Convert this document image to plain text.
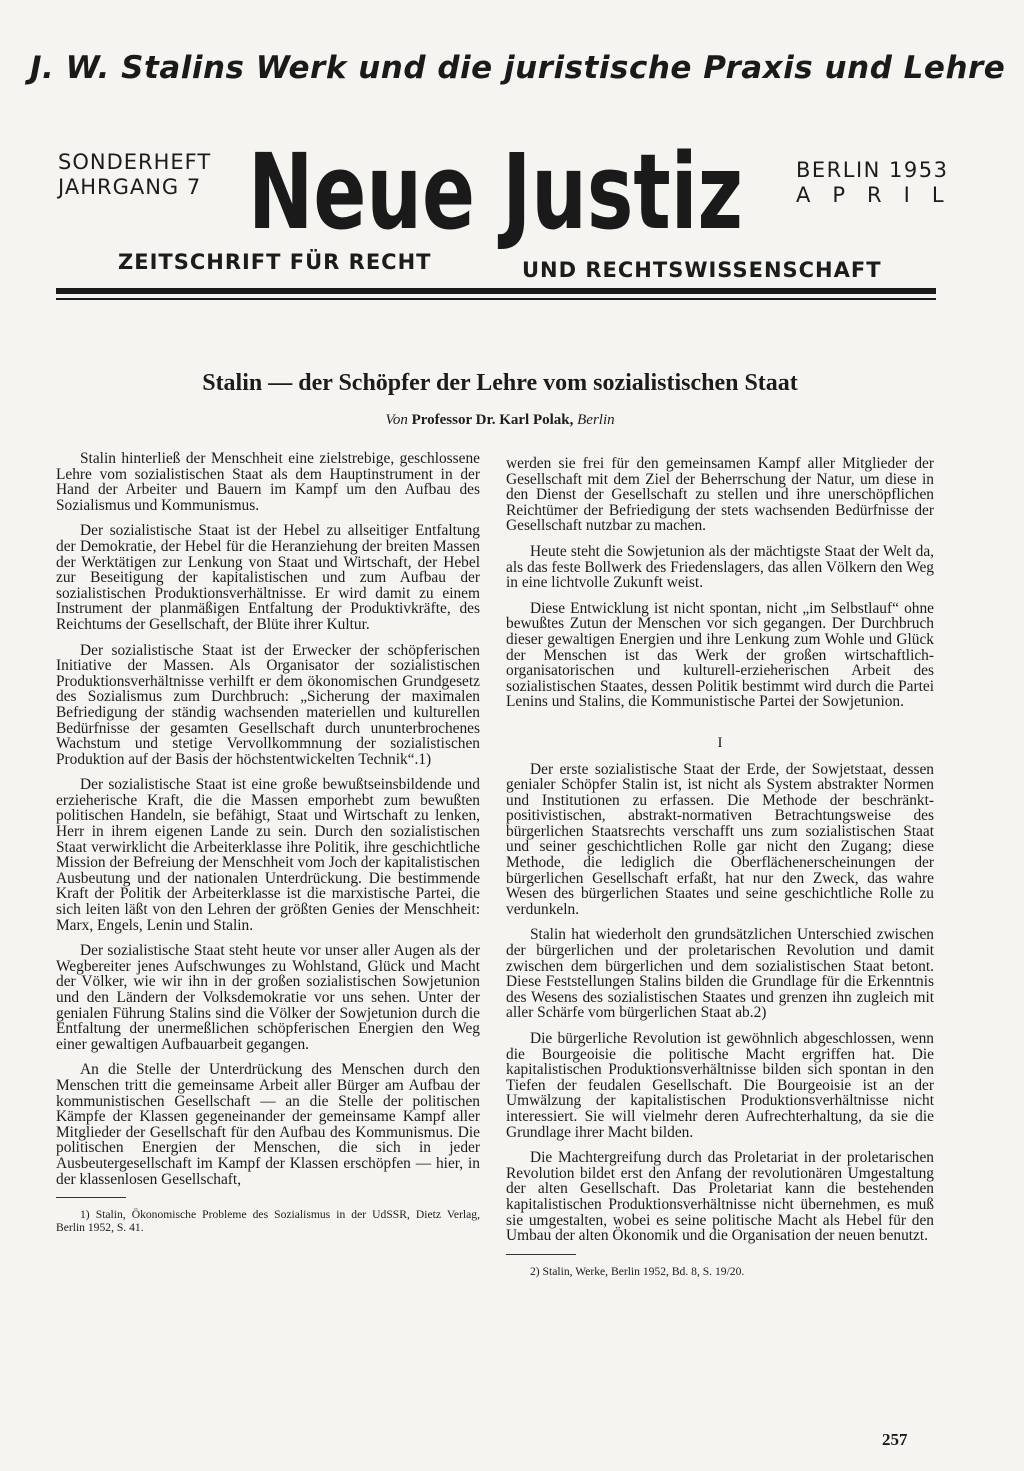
J. W. Stalins Werk und die juristische Praxis und Lehre
SONDERHEFT
JAHRGANG 7 Neue Justiz	BERLIN 1953
APRIL
ZEITSCHRIFT FÜR RECHT	UND RECHTSWISSENSCHAFT
Stalin — der Schöpfer der Lehre vom sozialistischen Staat
Von Professor Dr. Karl Polak, Berlin

Stalin hinterließ der Menschheit eine zielstrebige, geschlossene Lehre vom sozialistischen Staat als dem Hauptinstrument in der Hand der Arbeiter und Bauern im Kampf um den Aufbau des Sozialismus und Kommunismus.

Der sozialistische Staat ist der Hebel zu allseitiger Entfaltung der Demokratie, der Hebel für die Heranziehung der breiten Massen der Werktätigen zur Lenkung von Staat und Wirtschaft, der Hebel zur Beseitigung der kapitalistischen und zum Aufbau der sozialistischen Produktionsverhältnisse. Er wird damit zu einem Instrument der planmäßigen Entfaltung der Produktivkräfte, des Reichtums der Gesellschaft, der Blüte ihrer Kultur.

Der sozialistische Staat ist der Erwecker der schöpferischen Initiative der Massen. Als Organisator der sozialistischen Produktionsverhältnisse verhilft er dem ökonomischen Grundgesetz des Sozialismus zum Durchbruch: „Sicherung der maximalen Befriedigung der ständig wachsenden materiellen und kulturellen Bedürfnisse der gesamten Gesellschaft durch ununterbrochenes Wachstum und stetige Vervollkommnung der sozialistischen Produktion auf der Basis der höchstentwickelten Technik“.1)

Der sozialistische Staat ist eine große bewußtseinsbildende und erzieherische Kraft, die die Massen emporhebt zum bewußten politischen Handeln, sie befähigt, Staat und Wirtschaft zu lenken, Herr in ihrem eigenen Lande zu sein. Durch den sozialistischen Staat verwirklicht die Arbeiterklasse ihre Politik, ihre geschichtliche Mission der Befreiung der Menschheit vom Joch der kapitalistischen Ausbeutung und der nationalen Unterdrückung. Die bestimmende Kraft der Politik der Arbeiterklasse ist die marxistische Partei, die sich leiten läßt von den Lehren der größten Genies der Menschheit: Marx, Engels, Lenin und Stalin.

Der sozialistische Staat steht heute vor unser aller Augen als der Wegbereiter jenes Aufschwunges zu Wohlstand, Glück und Macht der Völker, wie wir ihn in der großen sozialistischen Sowjetunion und den Ländern der Volksdemokratie vor uns sehen. Unter der genialen Führung Stalins sind die Völker der Sowjetunion durch die Entfaltung der unermeßlichen schöpferischen Energien den Weg einer gewaltigen Aufbauarbeit gegangen.

An die Stelle der Unterdrückung des Menschen durch den Menschen tritt die gemeinsame Arbeit aller Bürger am Aufbau der kommunistischen Gesellschaft — an die Stelle der politischen Kämpfe der Klassen gegeneinander der gemeinsame Kampf aller Mitglieder der Gesellschaft für den Aufbau des Kommunismus. Die politischen Energien der Menschen, die sich in jeder Ausbeutergesellschaft im Kampf der Klassen erschöpfen — hier, in der klassenlosen Gesellschaft,

1) Stalin, Ökonomische Probleme des Sozialismus in der UdSSR, Dietz Verlag, Berlin 1952, S. 41.

werden sie frei für den gemeinsamen Kampf aller Mitglieder der Gesellschaft mit dem Ziel der Beherrschung der Natur, um diese in den Dienst der Gesellschaft zu stellen und ihre unerschöpflichen Reichtümer der Befriedigung der stets wachsenden Bedürfnisse der Gesellschaft nutzbar zu machen.

Heute steht die Sowjetunion als der mächtigste Staat der Welt da, als das feste Bollwerk des Friedenslagers, das allen Völkern den Weg in eine lichtvolle Zukunft weist.

Diese Entwicklung ist nicht spontan, nicht „im Selbstlauf“ ohne bewußtes Zutun der Menschen vor sich gegangen. Der Durchbruch dieser gewaltigen Energien und ihre Lenkung zum Wohle und Glück der Menschen ist das Werk der großen wirtschaftlich-organisatorischen und kulturell-erzieherischen Arbeit des sozialistischen Staates, dessen Politik bestimmt wird durch die Partei Lenins und Stalins, die Kommunistische Partei der Sowjetunion.

I

Der erste sozialistische Staat der Erde, der Sowjetstaat, dessen genialer Schöpfer Stalin ist, ist nicht als System abstrakter Normen und Institutionen zu erfassen. Die Methode der beschränkt-positivistischen, abstrakt-normativen Betrachtungsweise des bürgerlichen Staatsrechts verschafft uns zum sozialistischen Staat und seiner geschichtlichen Rolle gar nicht den Zugang; diese Methode, die lediglich die Oberflächenerscheinungen der bürgerlichen Gesellschaft erfaßt, hat nur den Zweck, das wahre Wesen des bürgerlichen Staates und seine geschichtliche Rolle zu verdunkeln.

Stalin hat wiederholt den grundsätzlichen Unterschied zwischen der bürgerlichen und der proletarischen Revolution und damit zwischen dem bürgerlichen und dem sozialistischen Staat betont. Diese Feststellungen Stalins bilden die Grundlage für die Erkenntnis des Wesens des sozialistischen Staates und grenzen ihn zugleich mit aller Schärfe vom bürgerlichen Staat ab.2)

Die bürgerliche Revolution ist gewöhnlich abgeschlossen, wenn die Bourgeoisie die politische Macht ergriffen hat. Die kapitalistischen Produktionsverhältnisse bilden sich spontan in den Tiefen der feudalen Gesellschaft. Die Bourgeoisie ist an der Umwälzung der kapitalistischen Produktionsverhältnisse nicht interessiert. Sie will vielmehr deren Aufrechterhaltung, da sie die Grundlage ihrer Macht bilden.

Die Machtergreifung durch das Proletariat in der proletarischen Revolution bildet erst den Anfang der revolutionären Umgestaltung der alten Gesellschaft. Das Proletariat kann die bestehenden kapitalistischen Produktionsverhältnisse nicht übernehmen, es muß sie umgestalten, wobei es seine politische Macht als Hebel für den Umbau der alten Ökonomik und die Organisation der neuen benutzt.

2) Stalin, Werke, Berlin 1952, Bd. 8, S. 19/20.

257
